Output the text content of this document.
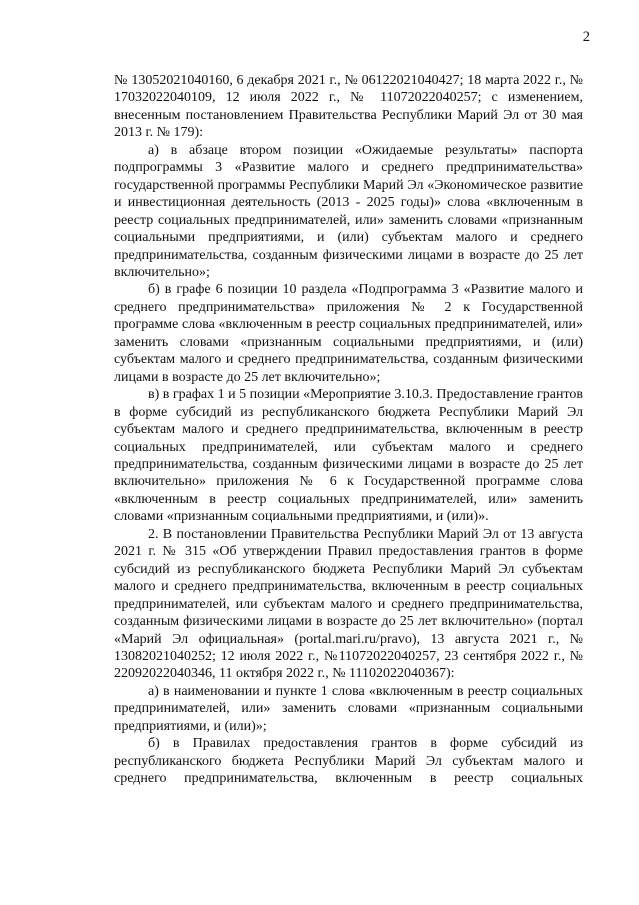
2

№ 13052021040160, 6 декабря 2021 г., № 06122021040427; 18 марта 2022 г., № 17032022040109, 12 июля 2022 г., № 11072022040257; с изменением, внесенным постановлением Правительства Республики Марий Эл от 30 мая 2013 г. № 179):

а) в абзаце втором позиции «Ожидаемые результаты» паспорта подпрограммы 3 «Развитие малого и среднего предпринимательства» государственной программы Республики Марий Эл «Экономическое развитие и инвестиционная деятельность (2013 - 2025 годы)» слова «включенным в реестр социальных предпринимателей, или» заменить словами «признанным социальными предприятиями, и (или) субъектам малого и среднего предпринимательства, созданным физическими лицами в возрасте до 25 лет включительно»;

б) в графе 6 позиции 10 раздела «Подпрограмма 3 «Развитие малого и среднего предпринимательства» приложения № 2 к Государственной программе слова «включенным в реестр социальных предпринимателей, или» заменить словами «признанным социальными предприятиями, и (или) субъектам малого и среднего предпринимательства, созданным физическими лицами в возрасте до 25 лет включительно»;

в) в графах 1 и 5 позиции «Мероприятие 3.10.3. Предоставление грантов в форме субсидий из республиканского бюджета Республики Марий Эл субъектам малого и среднего предпринимательства, включенным в реестр социальных предпринимателей, или субъектам малого и среднего предпринимательства, созданным физическими лицами в возрасте до 25 лет включительно» приложения № 6 к Государственной программе слова «включенным в реестр социальных предпринимателей, или» заменить словами «признанным социальными предприятиями, и (или)».

2. В постановлении Правительства Республики Марий Эл от 13 августа 2021 г. № 315 «Об утверждении Правил предоставления грантов в форме субсидий из республиканского бюджета Республики Марий Эл субъектам малого и среднего предпринимательства, включенным в реестр социальных предпринимателей, или субъектам малого и среднего предпринимательства, созданным физическими лицами в возрасте до 25 лет включительно» (портал «Марий Эл официальная» (portal.mari.ru/pravo), 13 августа 2021 г., № 13082021040252; 12 июля 2022 г., №11072022040257, 23 сентября 2022 г., № 22092022040346, 11 октября 2022 г., № 11102022040367):

а) в наименовании и пункте 1 слова «включенным в реестр социальных предпринимателей, или» заменить словами «признанным социальными предприятиями, и (или)»;

б) в Правилах предоставления грантов в форме субсидий из республиканского бюджета Республики Марий Эл субъектам малого и среднего предпринимательства, включенным в реестр социальных
